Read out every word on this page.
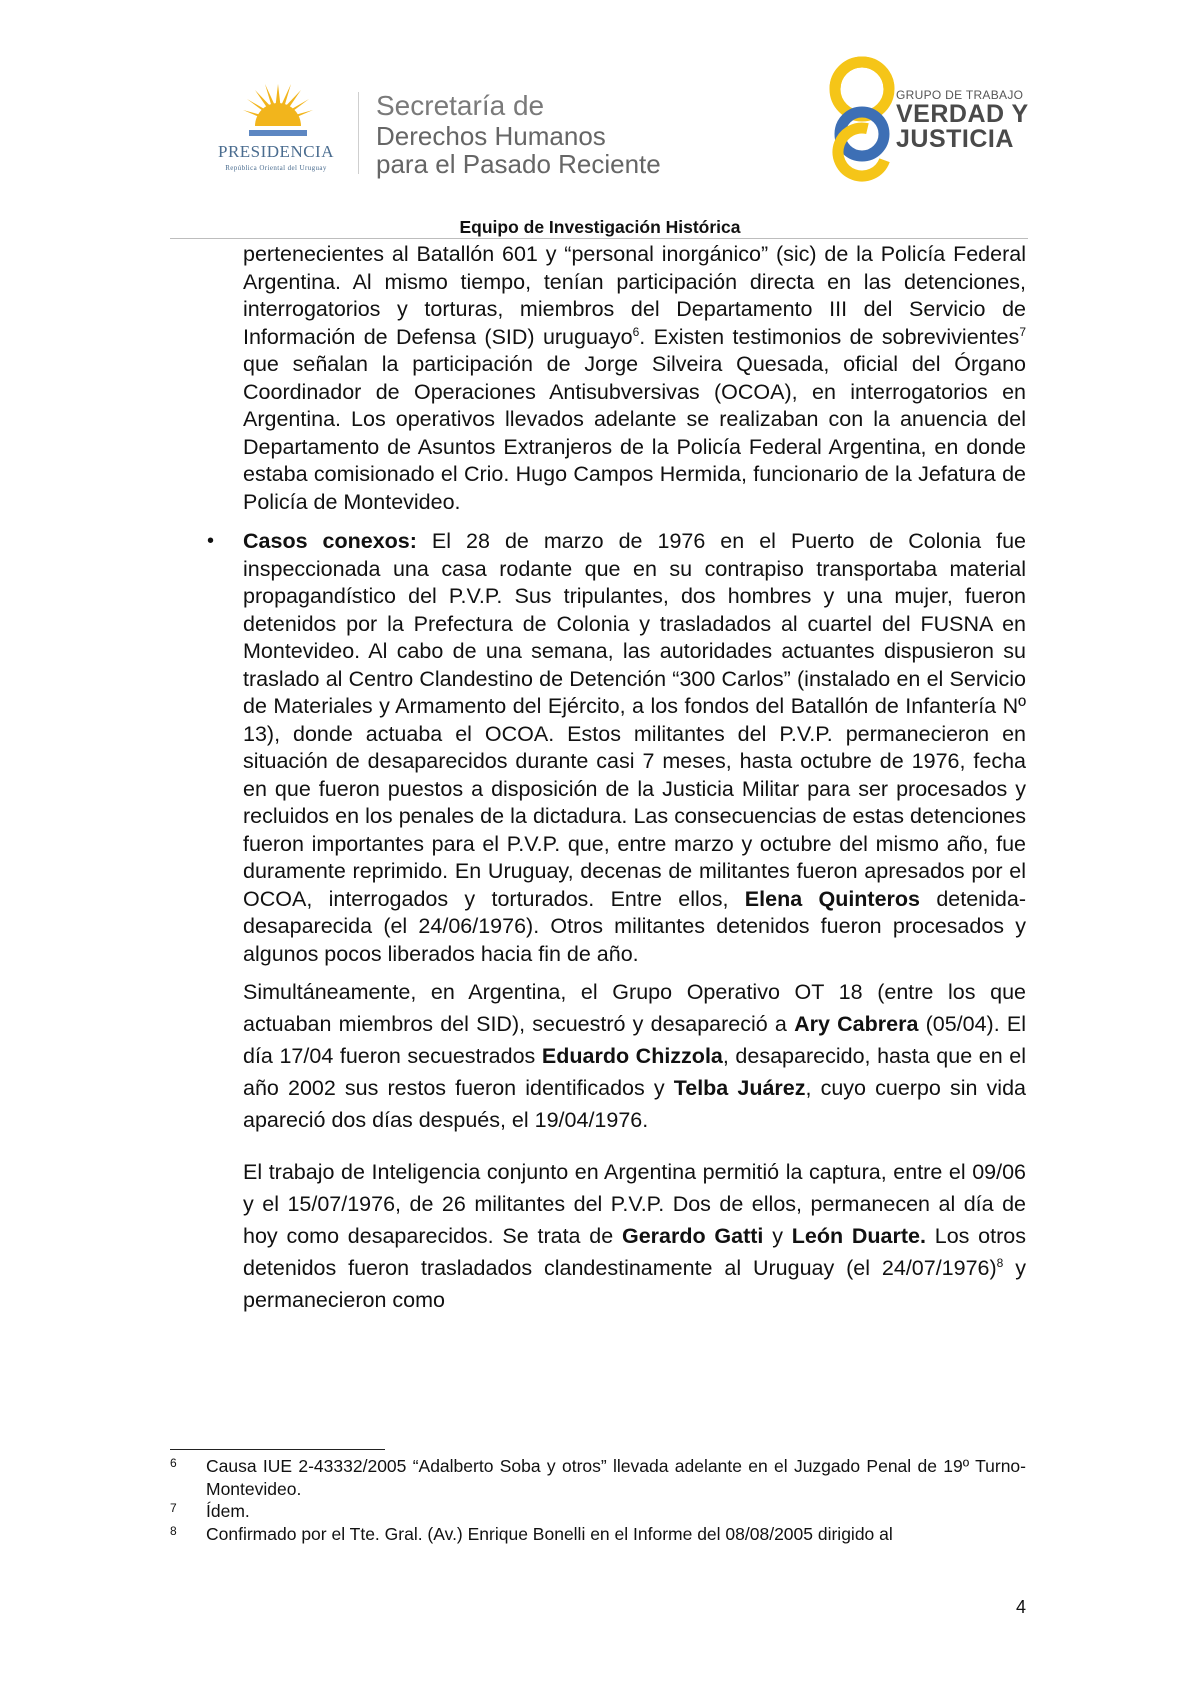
PRESIDENCIA
República Oriental del Uruguay
Secretaría de
Derechos Humanos
para el Pasado Reciente
GRUPO DE TRABAJO
VERDAD Y
JUSTICIA
Equipo de Investigación Histórica

pertenecientes al Batallón 601 y “personal inorgánico” (sic) de la Policía Federal Argentina. Al mismo tiempo, tenían participación directa en las detenciones, interrogatorios y torturas, miembros del Departamento III del Servicio de Información de Defensa (SID) uruguayo$^6$. Existen testimonios de sobrevivientes$^7$ que señalan la participación de Jorge Silveira Quesada, oficial del Órgano Coordinador de Operaciones Antisubversivas (OCOA), en interrogatorios en Argentina. Los operativos llevados adelante se realizaban con la anuencia del Departamento de Asuntos Extranjeros de la Policía Federal Argentina, en donde estaba comisionado el Crio. Hugo Campos Hermida, funcionario de la Jefatura de Policía de Montevideo.

• Casos conexos: El 28 de marzo de 1976 en el Puerto de Colonia fue inspeccionada una casa rodante que en su contrapiso transportaba material propagandístico del P.V.P. Sus tripulantes, dos hombres y una mujer, fueron detenidos por la Prefectura de Colonia y trasladados al cuartel del FUSNA en Montevideo. Al cabo de una semana, las autoridades actuantes dispusieron su traslado al Centro Clandestino de Detención “300 Carlos” (instalado en el Servicio de Materiales y Armamento del Ejército, a los fondos del Batallón de Infantería Nº 13), donde actuaba el OCOA. Estos militantes del P.V.P. permanecieron en situación de desaparecidos durante casi 7 meses, hasta octubre de 1976, fecha en que fueron puestos a disposición de la Justicia Militar para ser procesados y recluidos en los penales de la dictadura. Las consecuencias de estas detenciones fueron importantes para el P.V.P. que, entre marzo y octubre del mismo año, fue duramente reprimido. En Uruguay, decenas de militantes fueron apresados por el OCOA, interrogados y torturados. Entre ellos, Elena Quinteros detenida-desaparecida (el 24/06/1976). Otros militantes detenidos fueron procesados y algunos pocos liberados hacia fin de año.

Simultáneamente, en Argentina, el Grupo Operativo OT 18 (entre los que actuaban miembros del SID), secuestró y desapareció a Ary Cabrera (05/04). El día 17/04 fueron secuestrados Eduardo Chizzola, desaparecido, hasta que en el año 2002 sus restos fueron identificados y Telba Juárez, cuyo cuerpo sin vida apareció dos días después, el 19/04/1976.

El trabajo de Inteligencia conjunto en Argentina permitió la captura, entre el 09/06 y el 15/07/1976, de 26 militantes del P.V.P. Dos de ellos, permanecen al día de hoy como desaparecidos. Se trata de Gerardo Gatti y León Duarte. Los otros detenidos fueron trasladados clandestinamente al Uruguay (el 24/07/1976)$^8$ y permanecieron como

6 Causa IUE 2-43332/2005 “Adalberto Soba y otros” llevada adelante en el Juzgado Penal de 19º Turno-Montevideo.
7 Ídem.
8 Confirmado por el Tte. Gral. (Av.) Enrique Bonelli en el Informe del 08/08/2005 dirigido al
4
